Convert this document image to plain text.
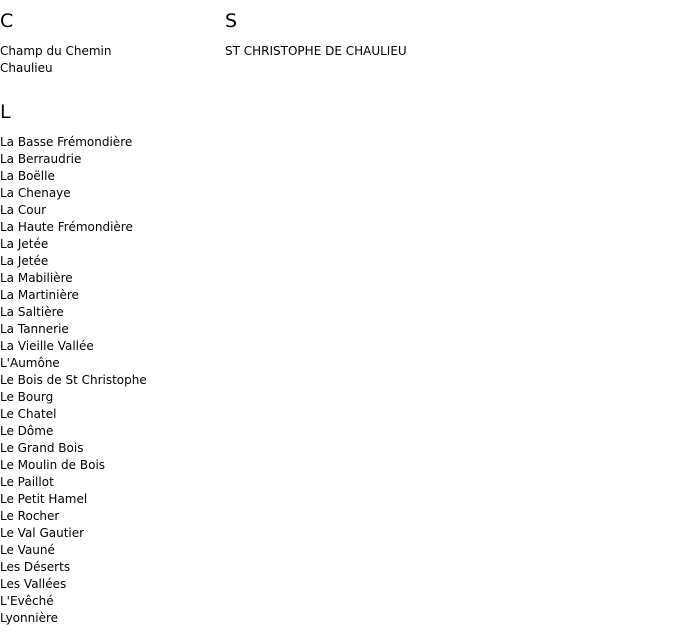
C
Champ du Chemin
Chaulieu
S
ST CHRISTOPHE DE CHAULIEU
L
La Basse Frémondière
La Berraudrie
La Boëlle
La Chenaye
La Cour
La Haute Frémondière
La Jetée
La Jetée
La Mabilière
La Martinière
La Saltière
La Tannerie
La Vieille Vallée
L'Aumône
Le Bois de St Christophe
Le Bourg
Le Chatel
Le Dôme
Le Grand Bois
Le Moulin de Bois
Le Paillot
Le Petit Hamel
Le Rocher
Le Val Gautier
Le Vauné
Les Déserts
Les Vallées
L'Evêché
Lyonnière
